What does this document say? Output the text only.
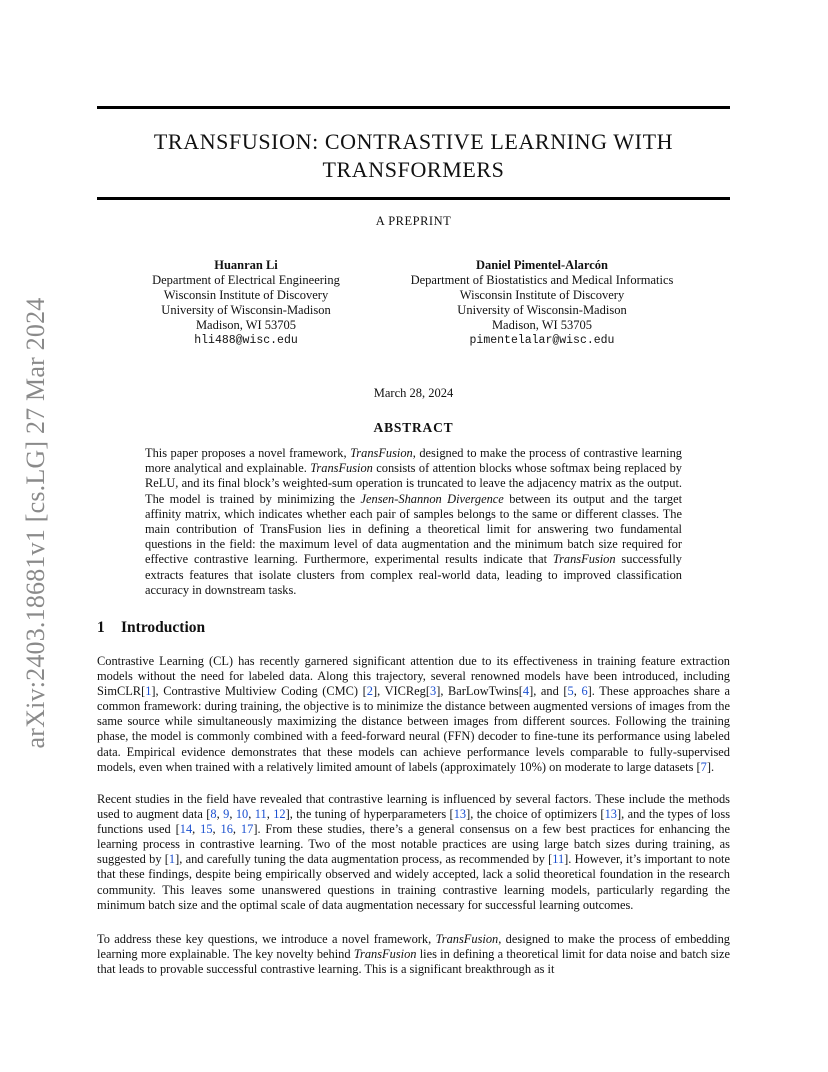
arXiv:2403.18681v1 [cs.LG] 27 Mar 2024
TRANSFUSION: CONTRASTIVE LEARNING WITH
TRANSFORMERS
A PREPRINT
Huanran Li
Department of Electrical Engineering
Wisconsin Institute of Discovery
University of Wisconsin-Madison
Madison, WI 53705
hli488@wisc.edu
Daniel Pimentel-Alarcón
Department of Biostatistics and Medical Informatics
Wisconsin Institute of Discovery
University of Wisconsin-Madison
Madison, WI 53705
pimentelalar@wisc.edu
March 28, 2024
ABSTRACT
This paper proposes a novel framework, TransFusion, designed to make the process of contrastive learning more analytical and explainable. TransFusion consists of attention blocks whose softmax being replaced by ReLU, and its final block’s weighted-sum operation is truncated to leave the adjacency matrix as the output. The model is trained by minimizing the Jensen-Shannon Divergence between its output and the target affinity matrix, which indicates whether each pair of samples belongs to the same or different classes. The main contribution of TransFusion lies in defining a theoretical limit for answering two fundamental questions in the field: the maximum level of data augmentation and the minimum batch size required for effective contrastive learning. Furthermore, experimental results indicate that TransFusion successfully extracts features that isolate clusters from complex real-world data, leading to improved classification accuracy in downstream tasks.
1 Introduction
Contrastive Learning (CL) has recently garnered significant attention due to its effectiveness in training feature extraction models without the need for labeled data. Along this trajectory, several renowned models have been introduced, including SimCLR[1], Contrastive Multiview Coding (CMC) [2], VICReg[3], BarLowTwins[4], and [5, 6]. These approaches share a common framework: during training, the objective is to minimize the distance between augmented versions of images from the same source while simultaneously maximizing the distance between images from different sources. Following the training phase, the model is commonly combined with a feed-forward neural (FFN) decoder to fine-tune its performance using labeled data. Empirical evidence demonstrates that these models can achieve performance levels comparable to fully-supervised models, even when trained with a relatively limited amount of labels (approximately 10%) on moderate to large datasets [7].
Recent studies in the field have revealed that contrastive learning is influenced by several factors. These include the methods used to augment data [8, 9, 10, 11, 12], the tuning of hyperparameters [13], the choice of optimizers [13], and the types of loss functions used [14, 15, 16, 17]. From these studies, there’s a general consensus on a few best practices for enhancing the learning process in contrastive learning. Two of the most notable practices are using large batch sizes during training, as suggested by [1], and carefully tuning the data augmentation process, as recommended by [11]. However, it’s important to note that these findings, despite being empirically observed and widely accepted, lack a solid theoretical foundation in the research community. This leaves some unanswered questions in training contrastive learning models, particularly regarding the minimum batch size and the optimal scale of data augmentation necessary for successful learning outcomes.
To address these key questions, we introduce a novel framework, TransFusion, designed to make the process of embedding learning more explainable. The key novelty behind TransFusion lies in defining a theoretical limit for data noise and batch size that leads to provable successful contrastive learning. This is a significant breakthrough as it
